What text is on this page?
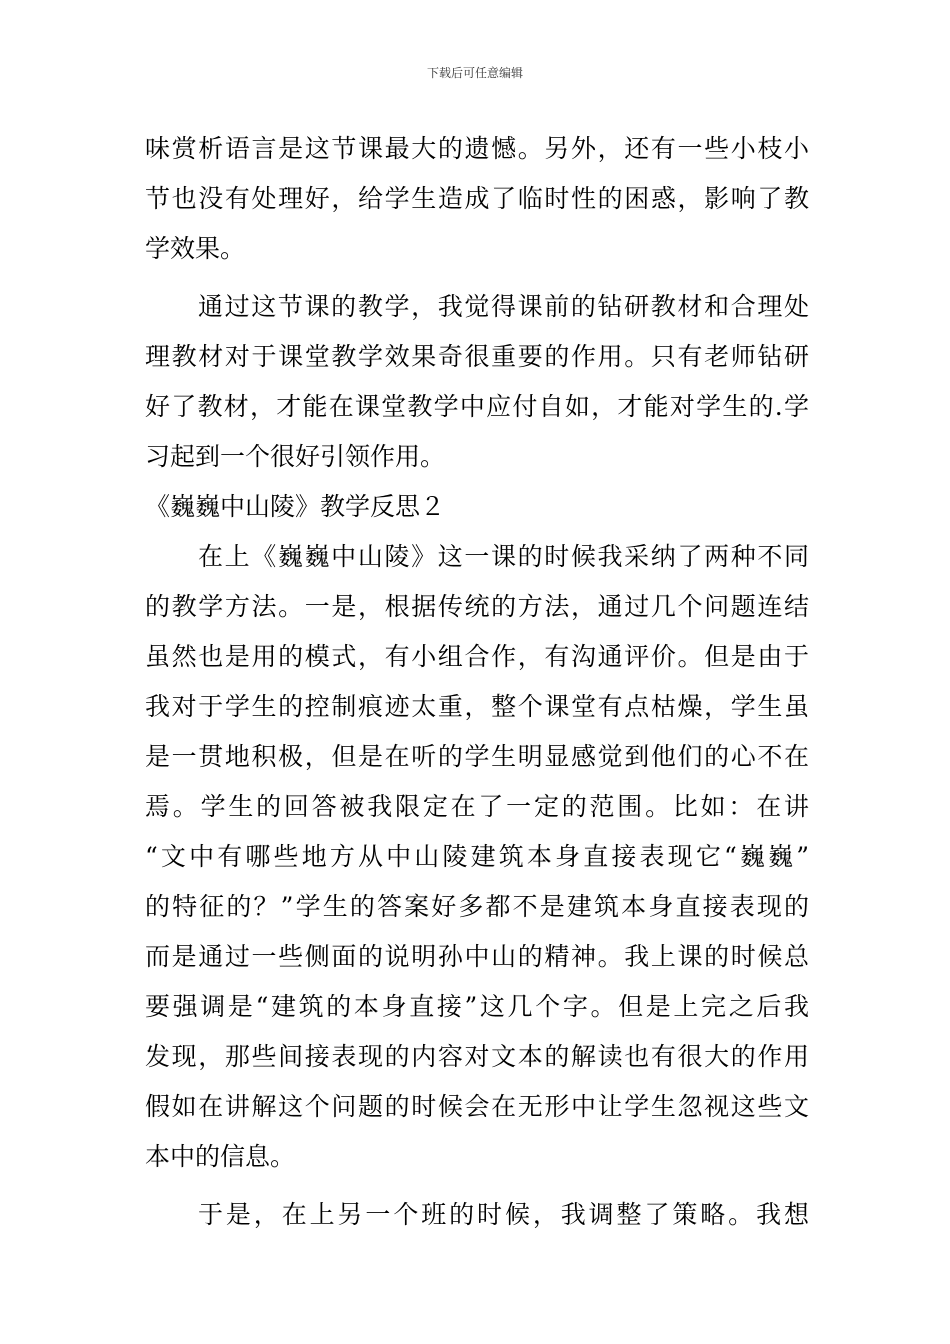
下载后可任意编辑
味赏析语言是这节课最大的遗憾。另外，还有一些小枝小
节也没有处理好，给学生造成了临时性的困惑，影响了教
学效果。
通过这节课的教学，我觉得课前的钻研教材和合理处
理教材对于课堂教学效果奇很重要的作用。只有老师钻研
好了教材，才能在课堂教学中应付自如，才能对学生的.学
习起到一个很好引领作用。
《巍巍中山陵》教学反思２
在上《巍巍中山陵》这一课的时候我采纳了两种不同
的教学方法。一是，根据传统的方法，通过几个问题连结
虽然也是用的模式，有小组合作，有沟通评价。但是由于
我对于学生的控制痕迹太重，整个课堂有点枯燥，学生虽
是一贯地积极，但是在听的学生明显感觉到他们的心不在
焉。学生的回答被我限定在了一定的范围。比如：在讲
“文中有哪些地方从中山陵建筑本身直接表现它“巍巍”
的特征的？”学生的答案好多都不是建筑本身直接表现的
而是通过一些侧面的说明孙中山的精神。我上课的时候总
要强调是“建筑的本身直接”这几个字。但是上完之后我
发现，那些间接表现的内容对文本的解读也有很大的作用
假如在讲解这个问题的时候会在无形中让学生忽视这些文
本中的信息。
于是，在上另一个班的时候，我调整了策略。我想
